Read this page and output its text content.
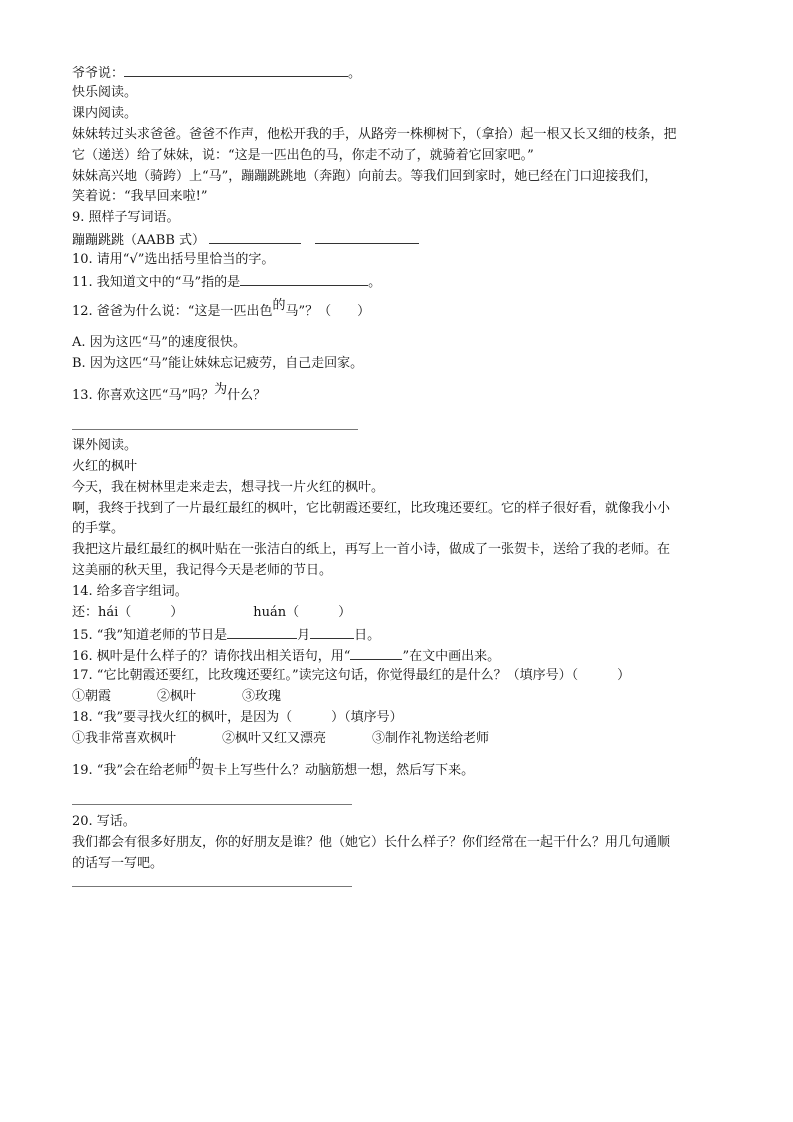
爷爷说：	。
快乐阅读。
课内阅读。
妹妹转过头求爸爸。爸爸不作声，他松开我的手，从路旁一株柳树下，（拿拾）起一根又长又细的枝条，把
它（递送）给了妹妹，说：“这是一匹出色的马，你走不动了，就骑着它回家吧。”
妹妹高兴地（骑跨）上“马”，蹦蹦跳跳地（奔跑）向前去。等我们回到家时，她已经在门口迎接我们，
笑着说：“我早回来啦!”
9. 照样子写词语。
蹦蹦跳跳（AABB 式）
10. 请用“√”选出括号里恰当的字。
11. 我知道文中的“马”指的是	。
12. 爸爸为什么说：“这是一匹出色的马”？（　　）
A. 因为这匹“马”的速度很快。
B. 因为这匹“马”能让妹妹忘记疲劳，自己走回家。
13. 你喜欢这匹“马”吗？为什么？
课外阅读。
火红的枫叶
今天，我在树林里走来走去，想寻找一片火红的枫叶。
啊，我终于找到了一片最红最红的枫叶，它比朝霞还要红，比玫瑰还要红。它的样子很好看，就像我小小
的手掌。
我把这片最红最红的枫叶贴在一张洁白的纸上，再写上一首小诗，做成了一张贺卡，送给了我的老师。在
这美丽的秋天里，我记得今天是老师的节日。
14. 给多音字组词。
还：hái（　　　）	huán（　　　）
15. “我”知道老师的节日是	月	日。
16. 枫叶是什么样子的？请你找出相关语句，用“	”在文中画出来。
17. “它比朝霞还要红，比玫瑰还要红。”读完这句话，你觉得最红的是什么？（填序号）（　　　）
①朝霞	②枫叶	③玫瑰
18. “我”要寻找火红的枫叶，是因为（　　　）（填序号）
①我非常喜欢枫叶	②枫叶又红又漂亮	③制作礼物送给老师
19. “我”会在给老师的贺卡上写些什么？动脑筋想一想，然后写下来。
20. 写话。
我们都会有很多好朋友，你的好朋友是谁？他（她它）长什么样子？你们经常在一起干什么？用几句通顺
的话写一写吧。
